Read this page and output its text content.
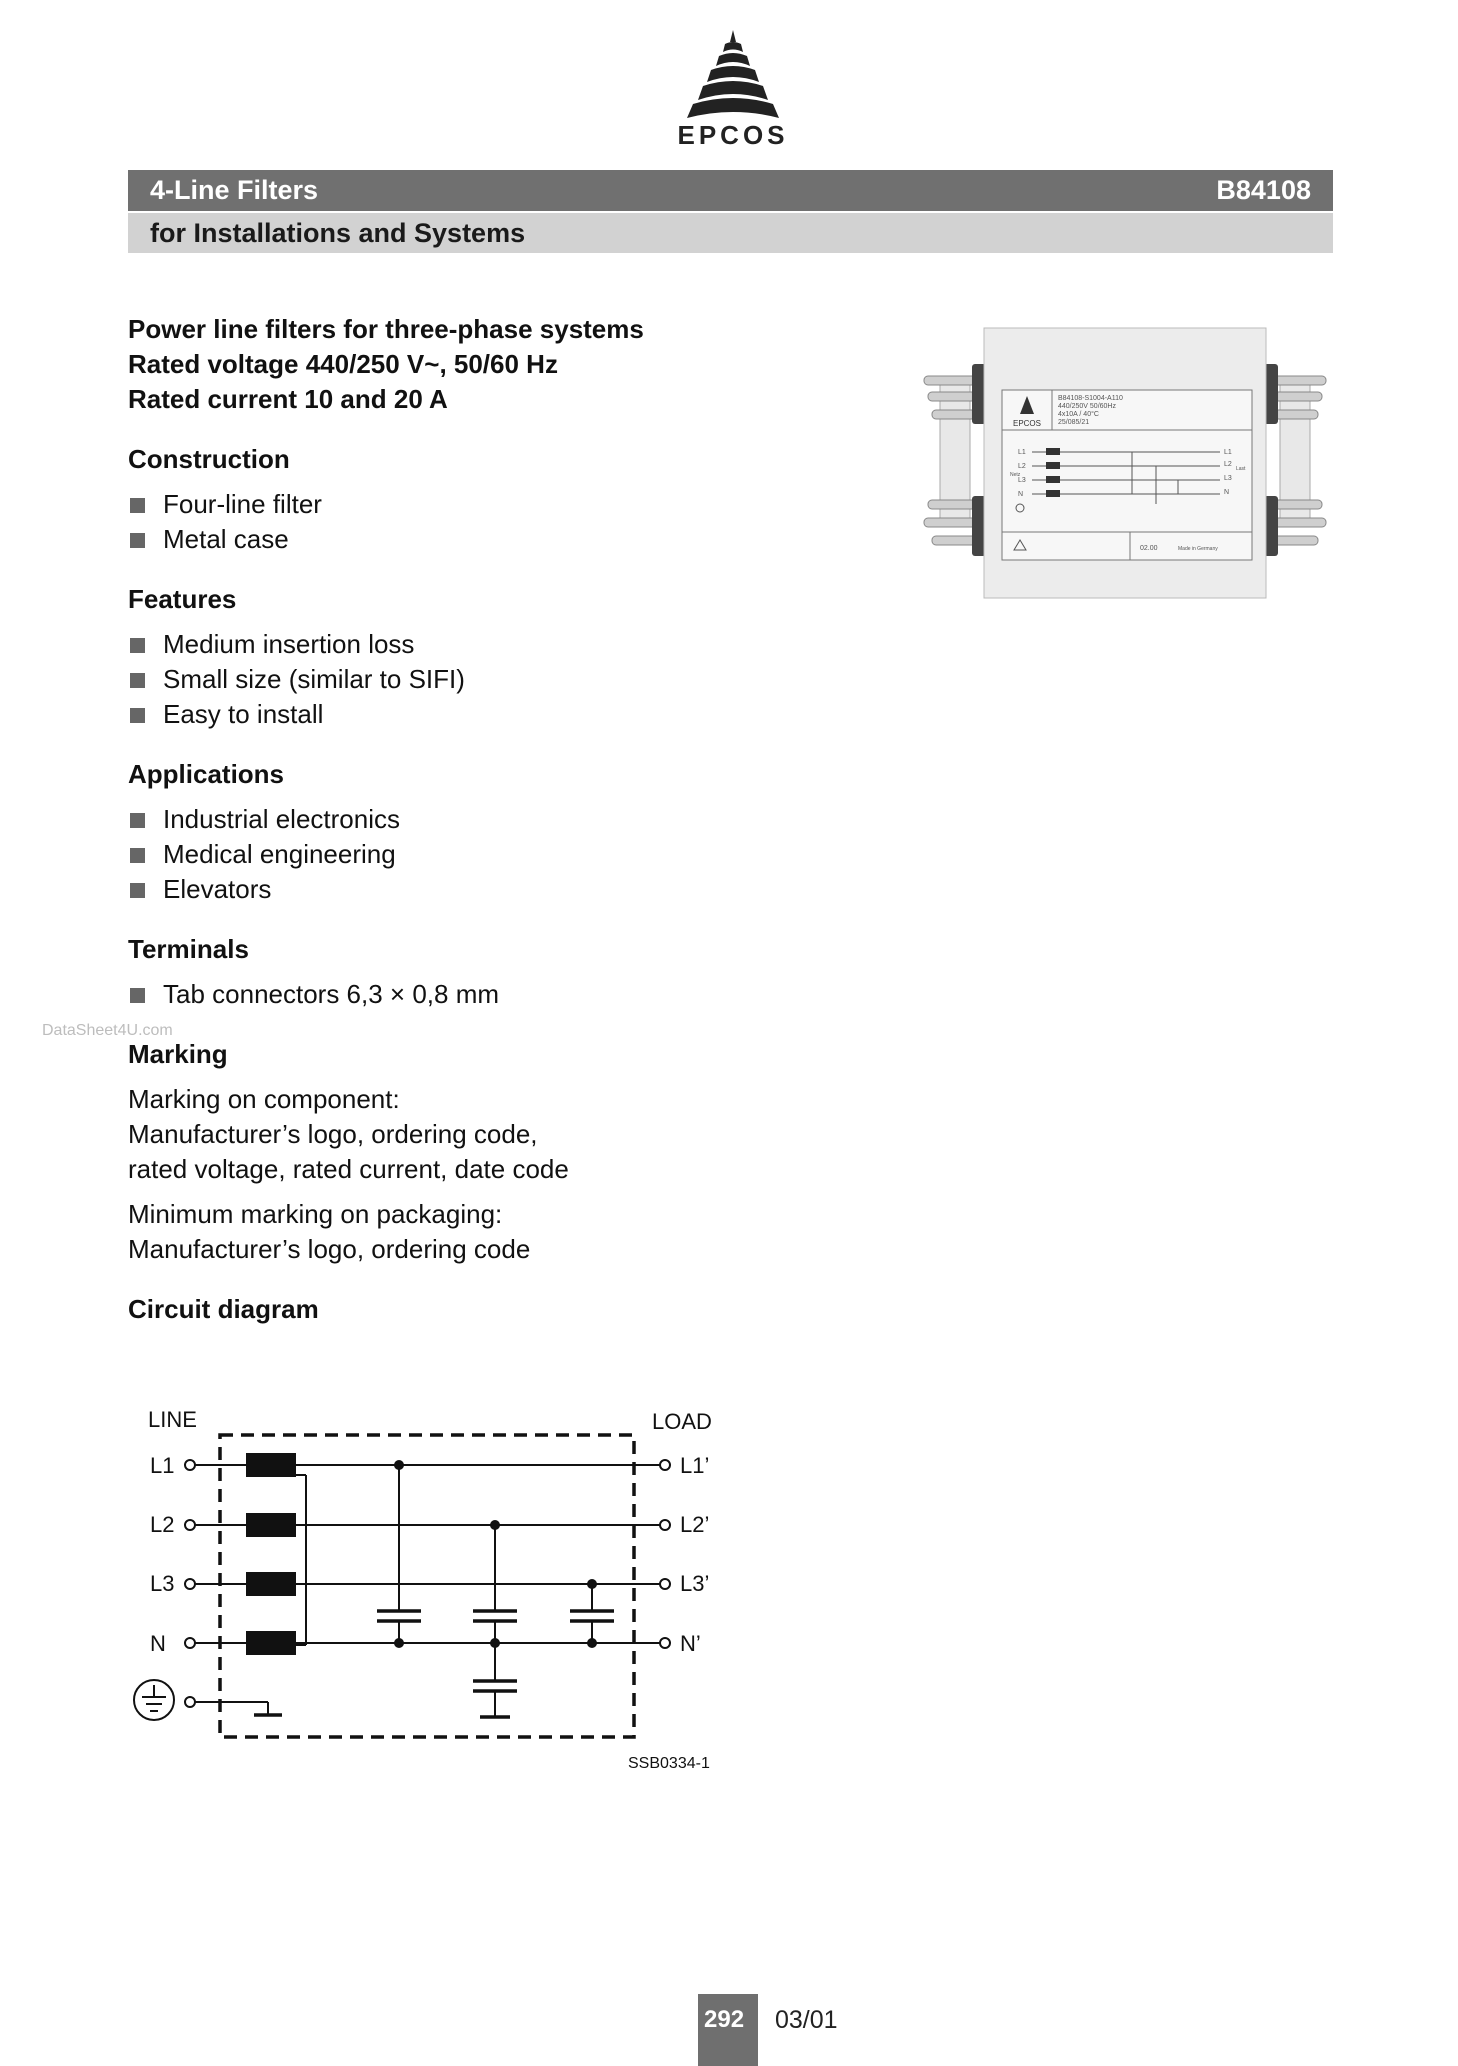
EPCOS
4-Line Filters	B84108
for Installations and Systems
Power line filters for three-phase systems
Rated voltage 440/250 V~, 50/60 Hz
Rated current 10 and 20 A
Construction
Four-line filter
Metal case
Features
Medium insertion loss
Small size (similar to SIFI)
Easy to install
Applications
Industrial electronics
Medical engineering
Elevators
Terminals
Tab connectors 6,3 × 0,8 mm
Marking
Marking on component:
Manufacturer’s logo, ordering code,
rated voltage, rated current, date code
Minimum marking on packaging:
Manufacturer’s logo, ordering code
Circuit diagram
DataSheet4U.com
EPCOS
B84108-S1004-A110
440/250V 50/60Hz
4x10A / 40°C
25/085/21
L1
L2
L3
N
Netz
L1
L2
L3
N
Last
02.00	Made in Germany
LINE	LOAD
L1
L2
L3
N
L1’
L2’
L3’
N’
SSB0334-1
292 03/01
